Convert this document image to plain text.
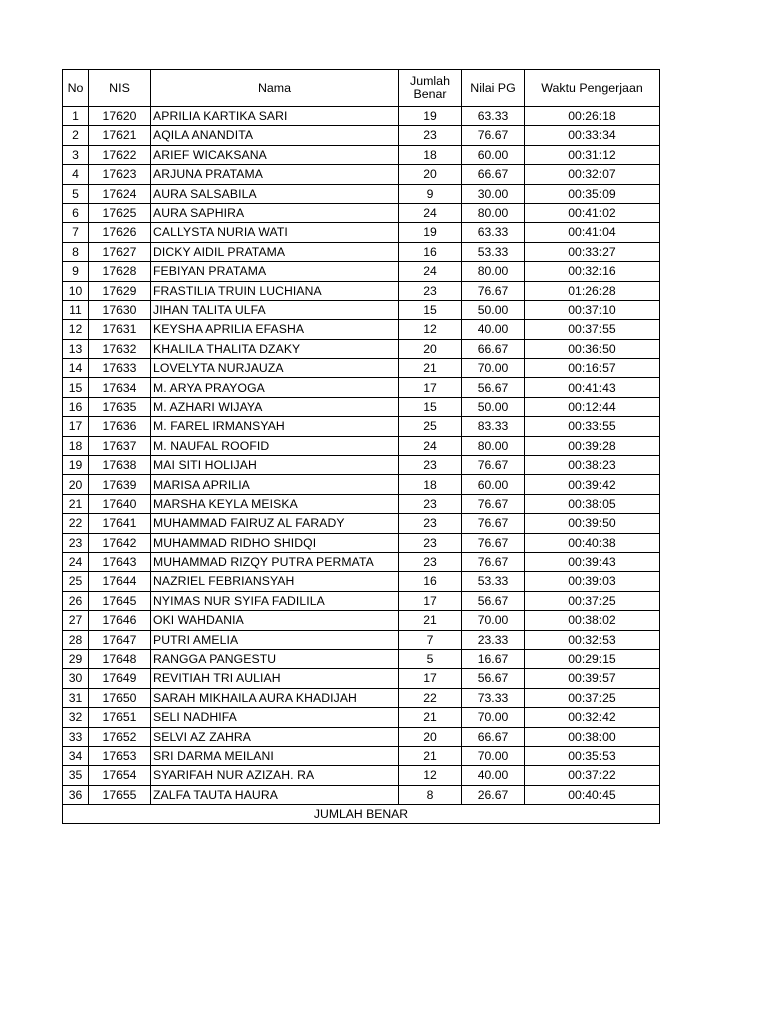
No	NIS	Nama	Jumlah Benar	Nilai PG	Waktu Pengerjaan
1	17620	APRILIA KARTIKA SARI	19	63.33	00:26:18
2	17621	AQILA ANANDITA	23	76.67	00:33:34
3	17622	ARIEF WICAKSANA	18	60.00	00:31:12
4	17623	ARJUNA PRATAMA	20	66.67	00:32:07
5	17624	AURA SALSABILA	9	30.00	00:35:09
6	17625	AURA SAPHIRA	24	80.00	00:41:02
7	17626	CALLYSTA NURIA WATI	19	63.33	00:41:04
8	17627	DICKY AIDIL PRATAMA	16	53.33	00:33:27
9	17628	FEBIYAN PRATAMA	24	80.00	00:32:16
10	17629	FRASTILIA TRUIN LUCHIANA	23	76.67	01:26:28
11	17630	JIHAN TALITA ULFA	15	50.00	00:37:10
12	17631	KEYSHA APRILIA EFASHA	12	40.00	00:37:55
13	17632	KHALILA THALITA DZAKY	20	66.67	00:36:50
14	17633	LOVELYTA NURJAUZA	21	70.00	00:16:57
15	17634	M. ARYA PRAYOGA	17	56.67	00:41:43
16	17635	M. AZHARI WIJAYA	15	50.00	00:12:44
17	17636	M. FAREL IRMANSYAH	25	83.33	00:33:55
18	17637	M. NAUFAL ROOFID	24	80.00	00:39:28
19	17638	MAI SITI HOLIJAH	23	76.67	00:38:23
20	17639	MARISA APRILIA	18	60.00	00:39:42
21	17640	MARSHA KEYLA MEISKA	23	76.67	00:38:05
22	17641	MUHAMMAD FAIRUZ AL FARADY	23	76.67	00:39:50
23	17642	MUHAMMAD RIDHO SHIDQI	23	76.67	00:40:38
24	17643	MUHAMMAD RIZQY PUTRA PERMATA	23	76.67	00:39:43
25	17644	NAZRIEL FEBRIANSYAH	16	53.33	00:39:03
26	17645	NYIMAS NUR SYIFA FADILILA	17	56.67	00:37:25
27	17646	OKI WAHDANIA	21	70.00	00:38:02
28	17647	PUTRI AMELIA	7	23.33	00:32:53
29	17648	RANGGA PANGESTU	5	16.67	00:29:15
30	17649	REVITIAH TRI AULIAH	17	56.67	00:39:57
31	17650	SARAH MIKHAILA AURA KHADIJAH	22	73.33	00:37:25
32	17651	SELI NADHIFA	21	70.00	00:32:42
33	17652	SELVI AZ ZAHRA	20	66.67	00:38:00
34	17653	SRI DARMA MEILANI	21	70.00	00:35:53
35	17654	SYARIFAH NUR AZIZAH. RA	12	40.00	00:37:22
36	17655	ZALFA TAUTA HAURA	8	26.67	00:40:45
JUMLAH BENAR					
